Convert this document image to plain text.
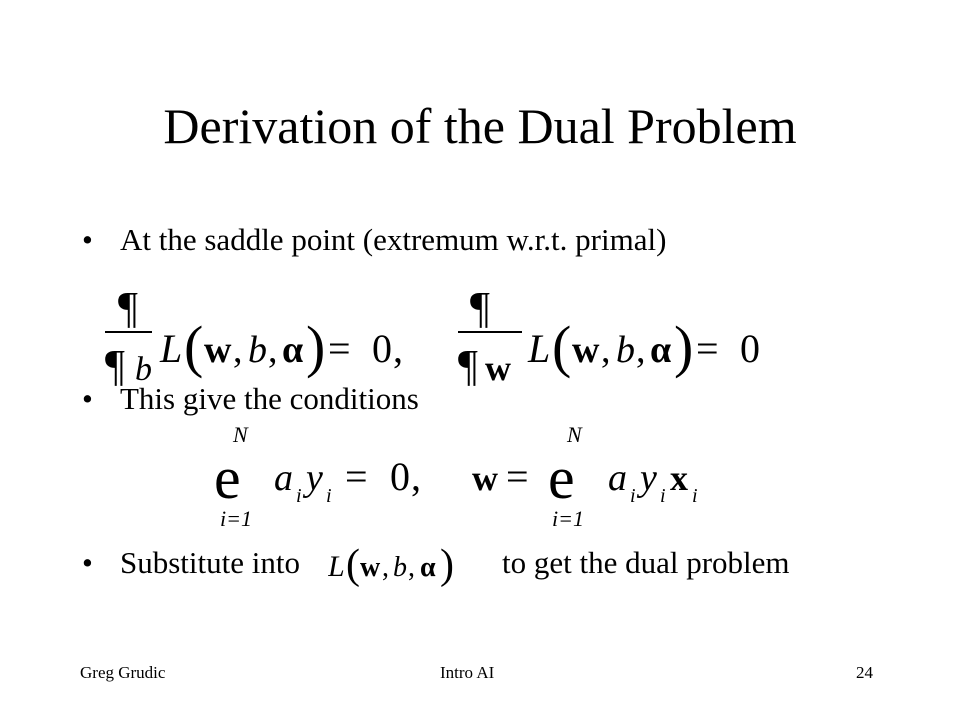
Derivation of the Dual Problem
• At the saddle point (extremum w.r.t. primal)
¶
¶ b L ( w , b , α ) = 0 ,
¶
¶ w L ( w , b , α ) = 0
• This give the conditions
N
e
i=1
a i y i = 0 , w =
N
e
i=1
a i y i x i
• Substitute into L ( w , b , α ) to get the dual problem
Greg Grudic	Intro AI	24
